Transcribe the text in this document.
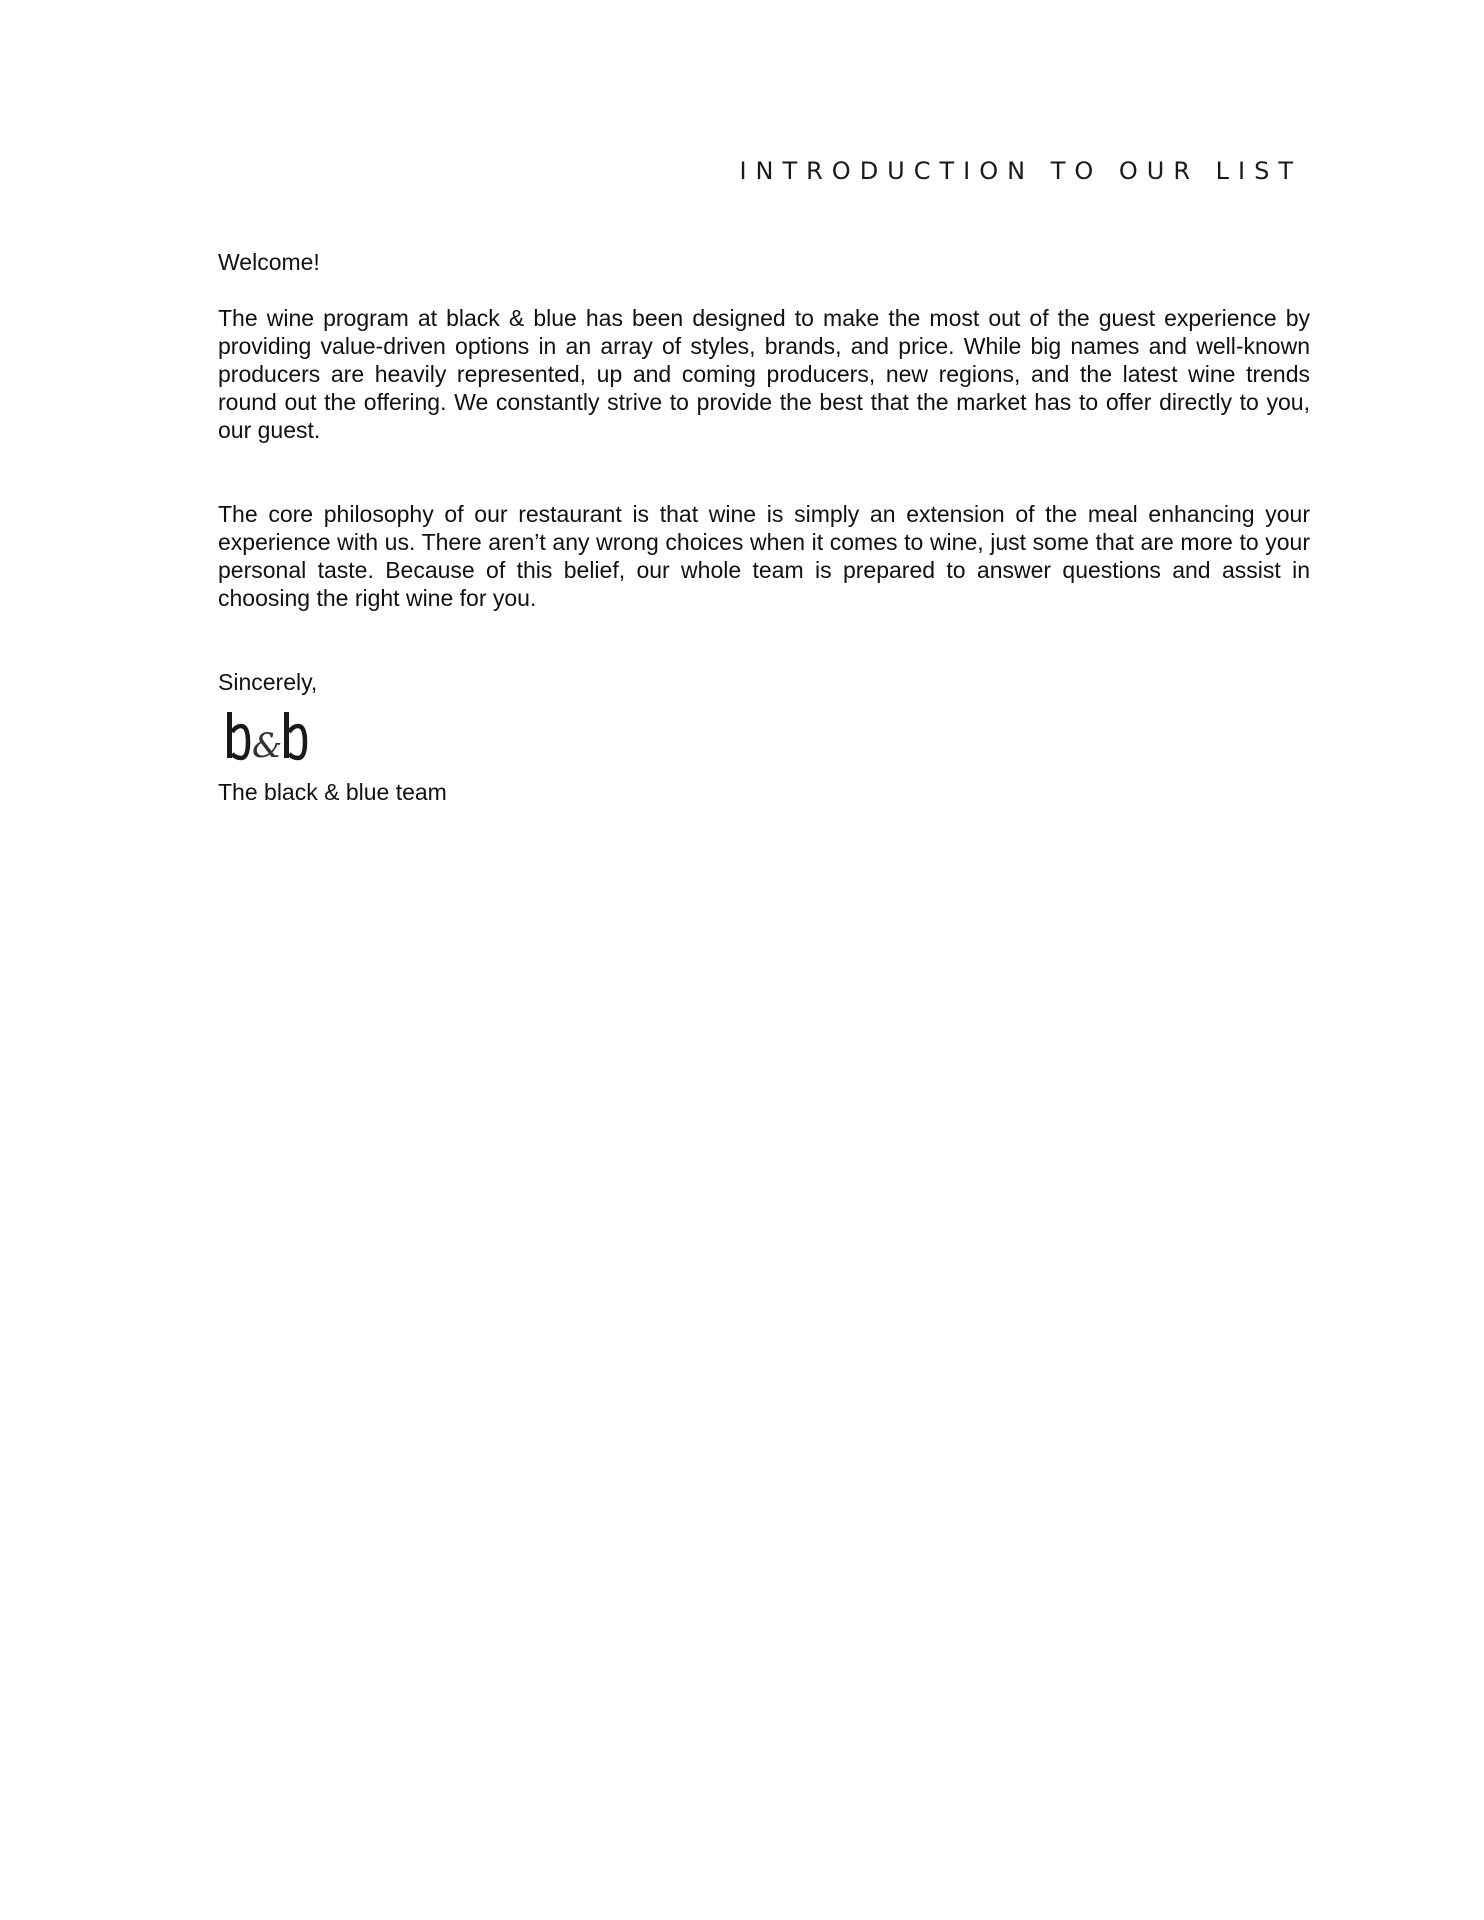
INTRODUCTION TO OUR LIST
Welcome!
The wine program at black & blue has been designed to make the most out of the guest experience by providing value-driven options in an array of styles, brands, and price. While big names and well-known producers are heavily represented, up and coming producers, new regions, and the latest wine trends round out the offering. We constantly strive to provide the best that the market has to offer directly to you, our guest.
The core philosophy of our restaurant is that wine is simply an extension of the meal enhancing your experience with us. There aren’t any wrong choices when it comes to wine, just some that are more to your personal taste. Because of this belief, our whole team is prepared to answer questions and assist in choosing the right wine for you.
Sincerely,
&
The black & blue team
